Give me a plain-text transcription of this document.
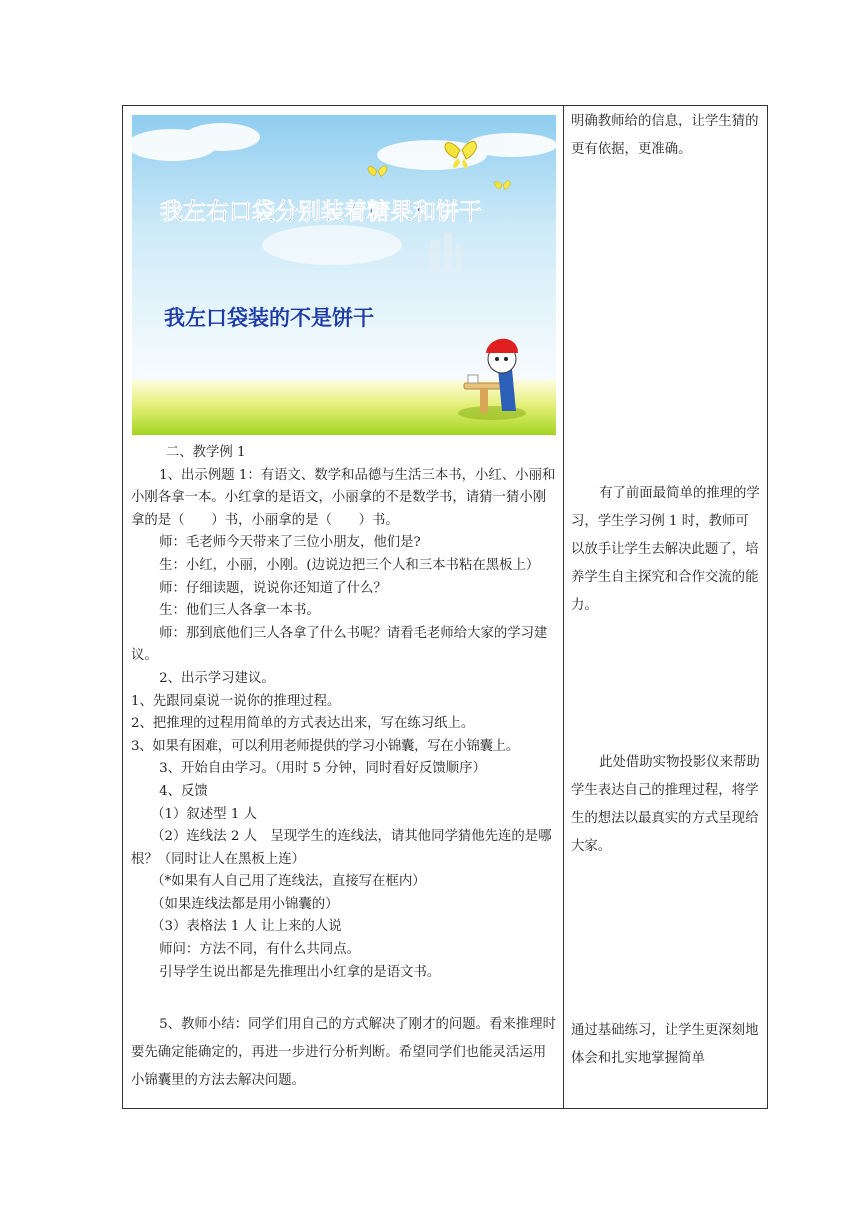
我左右口袋分别装着糖果和饼干
我左口袋装的不是饼干

二、教学例 1

1、出示例题 1：有语文、数学和品德与生活三本书，小红、小丽和小刚各拿一本。小红拿的是语文，小丽拿的不是数学书，请猜一猜小刚拿的是（　　）书，小丽拿的是（　　）书。

师：毛老师今天带来了三位小朋友，他们是?

生：小红，小丽，小刚。(边说边把三个人和三本书粘在黑板上）

师：仔细读题，说说你还知道了什么？

生：他们三人各拿一本书。

师：那到底他们三人各拿了什么书呢？请看毛老师给大家的学习建议。

2、出示学习建议。

1、先跟同桌说一说你的推理过程。

2、把推理的过程用简单的方式表达出来，写在练习纸上。

3、如果有困难，可以利用老师提供的学习小锦囊，写在小锦囊上。

3、开始自由学习。（用时 5 分钟，同时看好反馈顺序）

4、反馈

（1）叙述型 1 人

（2）连线法 2 人　呈现学生的连线法，请其他同学猜他先连的是哪根？（同时让人在黑板上连）

（*如果有人自己用了连线法，直接写在框内）

（如果连线法都是用小锦囊的）

（3）表格法 1 人 让上来的人说

师问：方法不同，有什么共同点。

引导学生说出都是先推理出小红拿的是语文书。

5、教师小结：同学们用自己的方式解决了刚才的问题。看来推理时要先确定能确定的，再进一步进行分析判断。希望同学们也能灵活运用小锦囊里的方法去解决问题。

明确教师给的信息，让学生猜的更有依据，更准确。

有了前面最简单的推理的学习，学生学习例 1 时，教师可以放手让学生去解决此题了，培养学生自主探究和合作交流的能力。

此处借助实物投影仪来帮助学生表达自己的推理过程，将学生的想法以最真实的方式呈现给大家。

通过基础练习，让学生更深刻地体会和扎实地掌握简单
